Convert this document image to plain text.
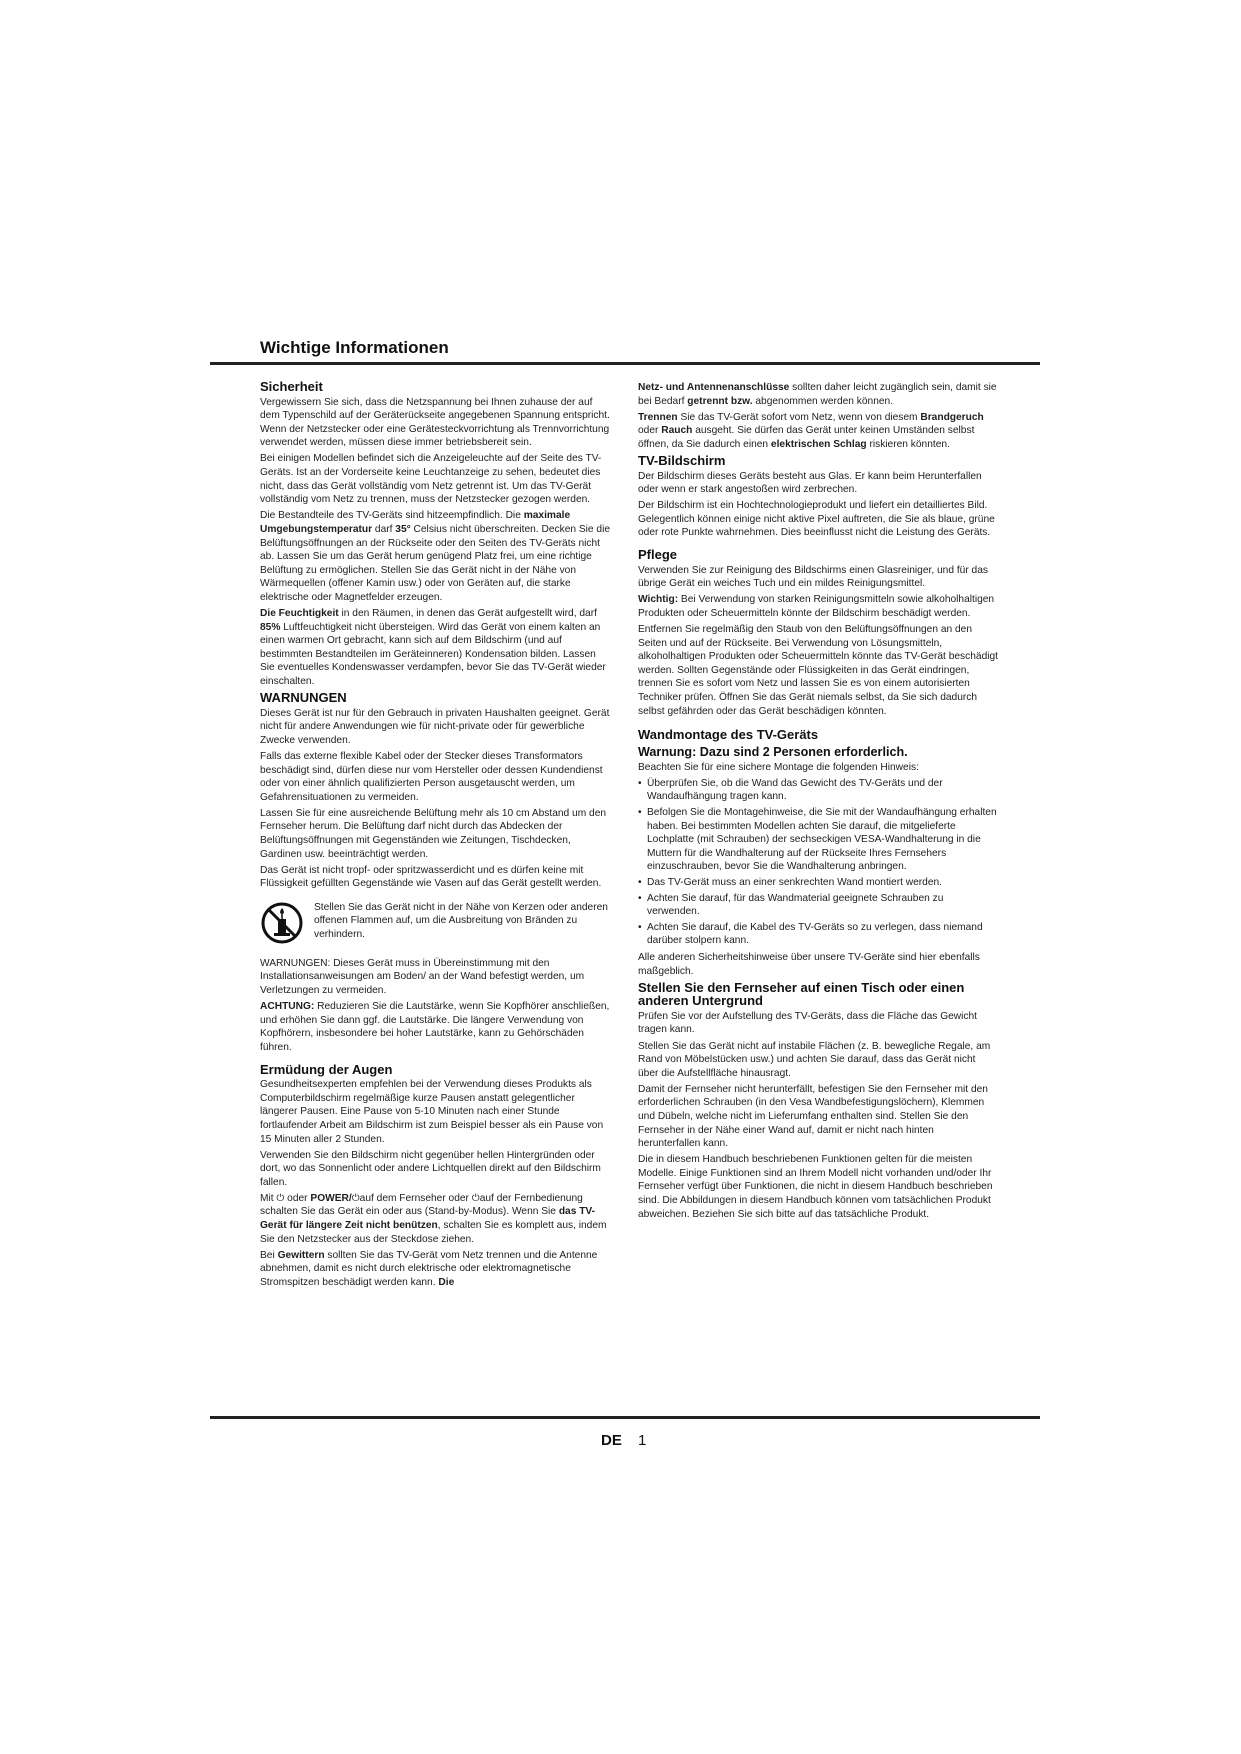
Wichtige Informationen
Sicherheit

Vergewissern Sie sich, dass die Netzspannung bei Ihnen zuhause der auf dem Typenschild auf der Geräterückseite angegebenen Spannung entspricht. Wenn der Netzstecker oder eine Gerätesteckvorrichtung als Trennvorrichtung verwendet werden, müssen diese immer betriebsbereit sein.

Bei einigen Modellen befindet sich die Anzeigeleuchte auf der Seite des TV-Geräts. Ist an der Vorderseite keine Leuchtanzeige zu sehen, bedeutet dies nicht, dass das Gerät vollständig vom Netz getrennt ist. Um das TV-Gerät vollständig vom Netz zu trennen, muss der Netzstecker gezogen werden.

Die Bestandteile des TV-Geräts sind hitzeempfindlich. Die maximale Umgebungstemperatur darf 35° Celsius nicht überschreiten. Decken Sie die Belüftungsöffnungen an der Rückseite oder den Seiten des TV-Geräts nicht ab. Lassen Sie um das Gerät herum genügend Platz frei, um eine richtige Belüftung zu ermöglichen. Stellen Sie das Gerät nicht in der Nähe von Wärmequellen (offener Kamin usw.) oder von Geräten auf, die starke elektrische oder Magnetfelder erzeugen.

Die Feuchtigkeit in den Räumen, in denen das Gerät aufgestellt wird, darf 85% Luftfeuchtigkeit nicht übersteigen. Wird das Gerät von einem kalten an einen warmen Ort gebracht, kann sich auf dem Bildschirm (und auf bestimmten Bestandteilen im Geräteinneren) Kondensation bilden. Lassen Sie eventuelles Kondenswasser verdampfen, bevor Sie das TV-Gerät wieder einschalten.

WARNUNGEN

Dieses Gerät ist nur für den Gebrauch in privaten Haushalten geeignet. Gerät nicht für andere Anwendungen wie für nicht-private oder für gewerbliche Zwecke verwenden.

Falls das externe flexible Kabel oder der Stecker dieses Transformators beschädigt sind, dürfen diese nur vom Hersteller oder dessen Kundendienst oder von einer ähnlich qualifizierten Person ausgetauscht werden, um Gefahrensituationen zu vermeiden.

Lassen Sie für eine ausreichende Belüftung mehr als 10 cm Abstand um den Fernseher herum. Die Belüftung darf nicht durch das Abdecken der Belüftungsöffnungen mit Gegenständen wie Zeitungen, Tischdecken, Gardinen usw. beeinträchtigt werden.

Das Gerät ist nicht tropf- oder spritzwasserdicht und es dürfen keine mit Flüssigkeit gefüllten Gegenstände wie Vasen auf das Gerät gestellt werden.

Stellen Sie das Gerät nicht in der Nähe von Kerzen oder anderen offenen Flammen auf, um die Ausbreitung von Bränden zu verhindern.

WARNUNGEN: Dieses Gerät muss in Übereinstimmung mit den Installationsanweisungen am Boden/ an der Wand befestigt werden, um Verletzungen zu vermeiden.

ACHTUNG: Reduzieren Sie die Lautstärke, wenn Sie Kopfhörer anschließen, und erhöhen Sie dann ggf. die Lautstärke. Die längere Verwendung von Kopfhörern, insbesondere bei hoher Lautstärke, kann zu Gehörschäden führen.

Ermüdung der Augen

Gesundheitsexperten empfehlen bei der Verwendung dieses Produkts als Computerbildschirm regelmäßige kurze Pausen anstatt gelegentlicher längerer Pausen. Eine Pause von 5-10 Minuten nach einer Stunde fortlaufender Arbeit am Bildschirm ist zum Beispiel besser als ein Pause von 15 Minuten aller 2 Stunden.

Verwenden Sie den Bildschirm nicht gegenüber hellen Hintergründen oder dort, wo das Sonnenlicht oder andere Lichtquellen direkt auf den Bildschirm fallen.

Mit ⏻ oder POWER/⏻auf dem Fernseher oder ⏻auf der Fernbedienung schalten Sie das Gerät ein oder aus (Stand-by-Modus). Wenn Sie das TV-Gerät für längere Zeit nicht benützen, schalten Sie es komplett aus, indem Sie den Netzstecker aus der Steckdose ziehen.

Bei Gewittern sollten Sie das TV-Gerät vom Netz trennen und die Antenne abnehmen, damit es nicht durch elektrische oder elektromagnetische Stromspitzen beschädigt werden kann. Die

Netz- und Antennenanschlüsse sollten daher leicht zugänglich sein, damit sie bei Bedarf getrennt bzw. abgenommen werden können.

Trennen Sie das TV-Gerät sofort vom Netz, wenn von diesem Brandgeruch oder Rauch ausgeht. Sie dürfen das Gerät unter keinen Umständen selbst öffnen, da Sie dadurch einen elektrischen Schlag riskieren könnten.

TV-Bildschirm

Der Bildschirm dieses Geräts besteht aus Glas. Er kann beim Herunterfallen oder wenn er stark angestoßen wird zerbrechen.

Der Bildschirm ist ein Hochtechnologieprodukt und liefert ein detailliertes Bild. Gelegentlich können einige nicht aktive Pixel auftreten, die Sie als blaue, grüne oder rote Punkte wahrnehmen. Dies beeinflusst nicht die Leistung des Geräts.

Pflege

Verwenden Sie zur Reinigung des Bildschirms einen Glasreiniger, und für das übrige Gerät ein weiches Tuch und ein mildes Reinigungsmittel.

Wichtig: Bei Verwendung von starken Reinigungsmitteln sowie alkoholhaltigen Produkten oder Scheuermitteln könnte der Bildschirm beschädigt werden.

Entfernen Sie regelmäßig den Staub von den Belüftungsöffnungen an den Seiten und auf der Rückseite. Bei Verwendung von Lösungsmitteln, alkoholhaltigen Produkten oder Scheuermitteln könnte das TV-Gerät beschädigt werden. Sollten Gegenstände oder Flüssigkeiten in das Gerät eindringen, trennen Sie es sofort vom Netz und lassen Sie es von einem autorisierten Techniker prüfen. Öffnen Sie das Gerät niemals selbst, da Sie sich dadurch selbst gefährden oder das Gerät beschädigen könnten.

Wandmontage des TV-Geräts
Warnung: Dazu sind 2 Personen erforderlich.

Beachten Sie für eine sichere Montage die folgenden Hinweis:

• Überprüfen Sie, ob die Wand das Gewicht des TV-Geräts und der Wandaufhängung tragen kann.
• Befolgen Sie die Montagehinweise, die Sie mit der Wandaufhängung erhalten haben. Bei bestimmten Modellen achten Sie darauf, die mitgelieferte Lochplatte (mit Schrauben) der sechseckigen VESA-Wandhalterung in die Muttern für die Wandhalterung auf der Rückseite Ihres Fernsehers einzuschrauben, bevor Sie die Wandhalterung anbringen.
• Das TV-Gerät muss an einer senkrechten Wand montiert werden.
• Achten Sie darauf, für das Wandmaterial geeignete Schrauben zu verwenden.
• Achten Sie darauf, die Kabel des TV-Geräts so zu verlegen, dass niemand darüber stolpern kann.

Alle anderen Sicherheitshinweise über unsere TV-Geräte sind hier ebenfalls maßgeblich.

Stellen Sie den Fernseher auf einen Tisch oder einen anderen Untergrund

Prüfen Sie vor der Aufstellung des TV-Geräts, dass die Fläche das Gewicht tragen kann.

Stellen Sie das Gerät nicht auf instabile Flächen (z. B. bewegliche Regale, am Rand von Möbelstücken usw.) und achten Sie darauf, dass das Gerät nicht über die Aufstellfläche hinausragt.

Damit der Fernseher nicht herunterfällt, befestigen Sie den Fernseher mit den erforderlichen Schrauben (in den Vesa Wandbefestigungslöchern), Klemmen und Dübeln, welche nicht im Lieferumfang enthalten sind. Stellen Sie den Fernseher in der Nähe einer Wand auf, damit er nicht nach hinten herunterfallen kann.

Die in diesem Handbuch beschriebenen Funktionen gelten für die meisten Modelle. Einige Funktionen sind an Ihrem Modell nicht vorhanden und/oder Ihr Fernseher verfügt über Funktionen, die nicht in diesem Handbuch beschrieben sind. Die Abbildungen in diesem Handbuch können vom tatsächlichen Produkt abweichen. Beziehen Sie sich bitte auf das tatsächliche Produkt.

DE 1
